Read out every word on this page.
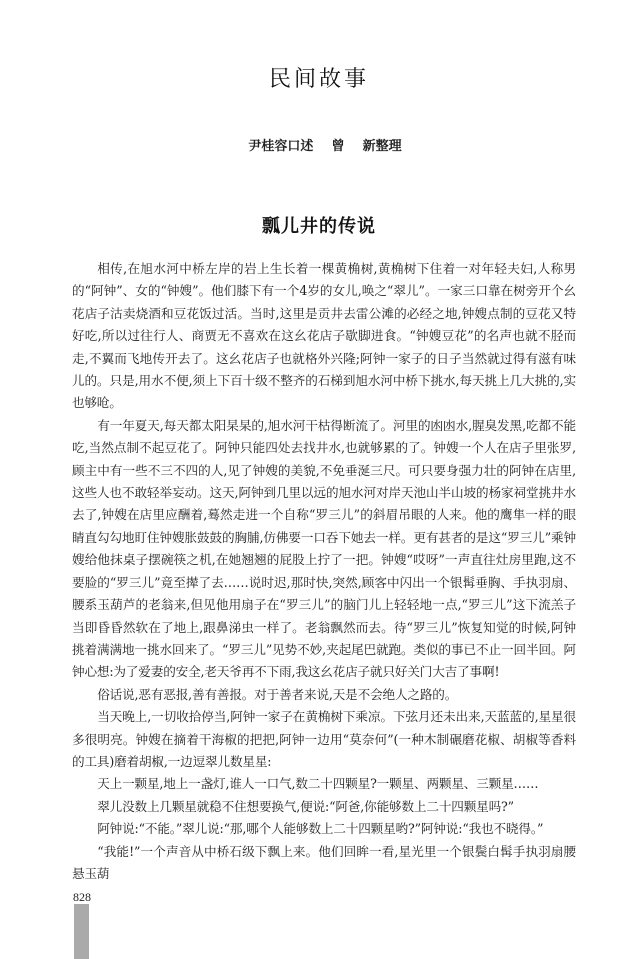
民间故事
尹桂容口述 曾 新整理
瓢儿井的传说

相传,在旭水河中桥左岸的岩上生长着一棵黄桷树,黄桷树下住着一对年轻夫妇,人称男的“阿钟”、女的“钟嫂”。他们膝下有一个4岁的女儿,唤之“翠儿”。一家三口靠在树旁开个幺花店子沽卖烧酒和豆花饭过活。当时,这里是贡井去雷公滩的必经之地,钟嫂点制的豆花又特好吃,所以过往行人、商贾无不喜欢在这幺花店子歇脚进食。“钟嫂豆花”的名声也就不胫而走,不翼而飞地传开去了。这幺花店子也就格外兴隆;阿钟一家子的日子当然就过得有滋有味儿的。只是,用水不便,须上下百十级不整齐的石梯到旭水河中桥下挑水,每天挑上几大挑的,实也够呛。

有一年夏天,每天都太阳杲杲的,旭水河干枯得断流了。河里的凼凼水,腥臭发黑,吃都不能吃,当然点制不起豆花了。阿钟只能四处去找井水,也就够累的了。钟嫂一个人在店子里张罗,顾主中有一些不三不四的人,见了钟嫂的美貌,不免垂涎三尺。可只要身强力壮的阿钟在店里,这些人也不敢轻举妄动。这天,阿钟到几里以远的旭水河对岸天池山半山坡的杨家祠堂挑井水去了,钟嫂在店里应酬着,蓦然走进一个自称“罗三儿”的斜眉吊眼的人来。他的鹰隼一样的眼睛直勾勾地盯住钟嫂胀鼓鼓的胸脯,仿佛要一口吞下她去一样。更有甚者的是这“罗三儿”乘钟嫂给他抹桌子摆碗筷之机,在她翘翘的屁股上拧了一把。钟嫂“哎呀”一声直往灶房里跑,这不要脸的“罗三儿”竟至撵了去……说时迟,那时快,突然,顾客中闪出一个银髯垂胸、手执羽扇、腰系玉葫芦的老翁来,但见他用扇子在“罗三儿”的脑门儿上轻轻地一点,“罗三儿”这下流羔子当即昏昏然软在了地上,跟鼻涕虫一样了。老翁飘然而去。待“罗三儿”恢复知觉的时候,阿钟挑着满满地一挑水回来了。“罗三儿”见势不妙,夹起尾巴就跑。类似的事已不止一回半回。阿钟心想:为了爱妻的安全,老天爷再不下雨,我这幺花店子就只好关门大吉了事啊!

俗话说,恶有恶报,善有善报。对于善者来说,天是不会绝人之路的。

当天晚上,一切收拾停当,阿钟一家子在黄桷树下乘凉。下弦月还未出来,天蓝蓝的,星星很多很明亮。钟嫂在摘着干海椒的把把,阿钟一边用“莫奈何”(一种木制碾磨花椒、胡椒等香料的工具)磨着胡椒,一边逗翠儿数星星:

天上一颗星,地上一盏灯,谁人一口气,数二十四颗星?一颗星、两颗星、三颗星……

翠儿没数上几颗星就稳不住想要换气,便说:“阿爸,你能够数上二十四颗星吗?”

阿钟说:“不能。”翠儿说:“那,哪个人能够数上二十四颗星哟?”阿钟说:“我也不晓得。”

“我能!”一个声音从中桥石级下飘上来。他们回眸一看,星光里一个银鬓白髯手执羽扇腰悬玉葫

828
